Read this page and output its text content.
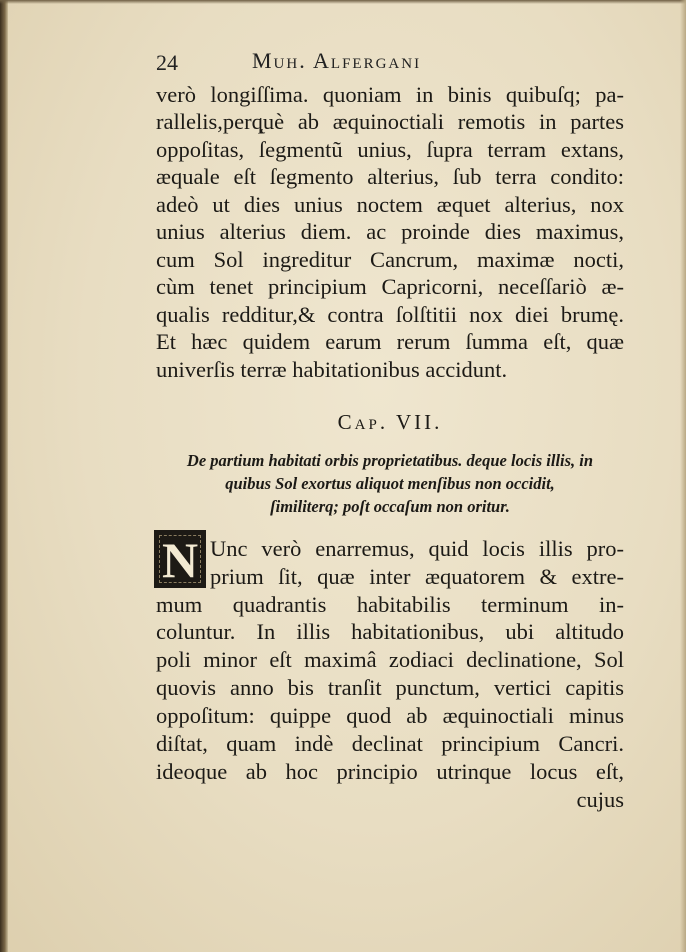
24	Muh. Alfergani
verò longiſſima. quoniam in binis quibuſq; pa-
rallelis,perq̨uè ab æquinoctiali remotis in partes
oppoſitas, ſegmentũ unius, ſupra terram extans,
æquale eſt ſegmento alterius, ſub terra condito:
adeò ut dies unius noctem æquet alterius, nox
unius alterius diem. ac proinde dies maximus,
cum Sol ingreditur Cancrum, maximæ nocti,
cùm tenet principium Capricorni, neceſſariò æ-
qualis redditur,& contra ſolſtitii nox diei brumę.
Et hæc quidem earum rerum ſumma eſt, quæ
univerſis terræ habitationibus accidunt.
Cap. VII.
De partium habitati orbis proprietatibus. deque locis illis, in
quibus Sol exortus aliquot menſibus non occidit,
ſimiliterq; poſt occaſum non oritur.
N Unc verò enarremus, quid locis illis pro-
prium ſit, quæ inter æquatorem & extre-
mum quadrantis habitabilis terminum in-
coluntur. In illis habitationibus, ubi altitudo
poli minor eſt maximâ zodiaci declinatione, Sol
quovis anno bis tranſit punctum, vertici capitis
oppoſitum: quippe quod ab æquinoctiali minus
diſtat, quam indè declinat principium Cancri.
ideoque ab hoc principio utrinque locus eſt,
cujus
